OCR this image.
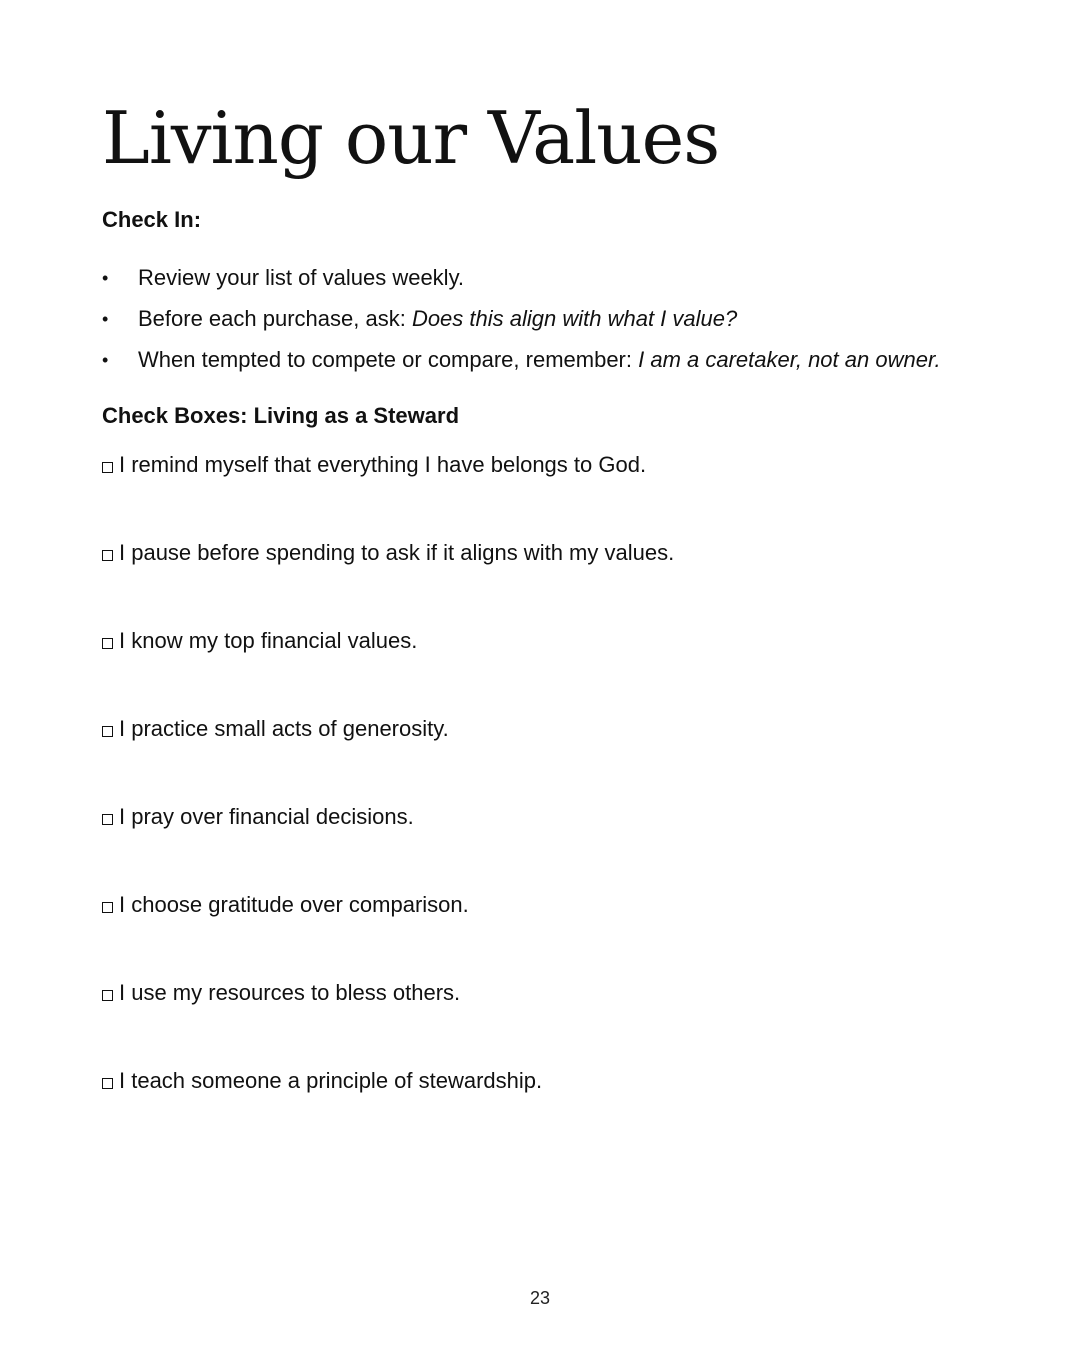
Living our Values
Check In:
• Review your list of values weekly.
• Before each purchase, ask: Does this align with what I value?
• When tempted to compete or compare, remember: I am a caretaker, not an owner.
Check Boxes: Living as a Steward
I remind myself that everything I have belongs to God.
I pause before spending to ask if it aligns with my values.
I know my top financial values.
I practice small acts of generosity.
I pray over financial decisions.
I choose gratitude over comparison.
I use my resources to bless others.
I teach someone a principle of stewardship.
23
